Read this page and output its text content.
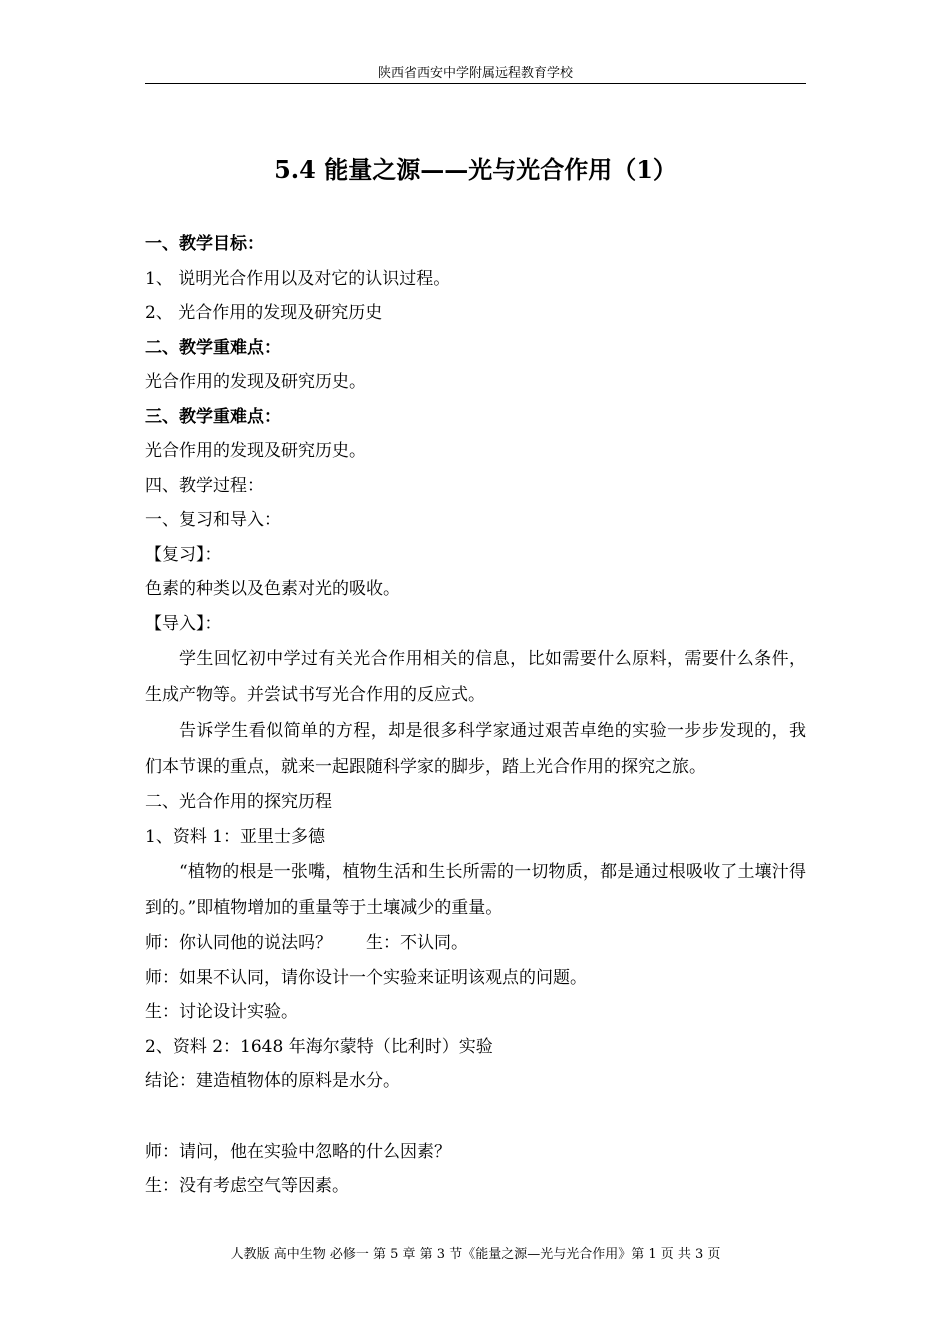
陕西省西安中学附属远程教育学校
5.4 能量之源——光与光合作用（1）
一、教学目标：
1、 说明光合作用以及对它的认识过程。
2、 光合作用的发现及研究历史
二、教学重难点：
光合作用的发现及研究历史。
三、教学重难点：
光合作用的发现及研究历史。
四、教学过程：
一、复习和导入：
【复习】：
色素的种类以及色素对光的吸收。
【导入】：
学生回忆初中学过有关光合作用相关的信息，比如需要什么原料，需要什么条件，生成产物等。并尝试书写光合作用的反应式。
告诉学生看似简单的方程，却是很多科学家通过艰苦卓绝的实验一步步发现的，我们本节课的重点，就来一起跟随科学家的脚步，踏上光合作用的探究之旅。
二、光合作用的探究历程
1、资料 1：亚里士多德
“植物的根是一张嘴，植物生活和生长所需的一切物质，都是通过根吸收了土壤汁得到的。”即植物增加的重量等于土壤减少的重量。
师：你认同他的说法吗？ 生：不认同。
师：如果不认同，请你设计一个实验来证明该观点的问题。
生：讨论设计实验。
2、资料 2：1648 年海尔蒙特（比利时）实验
结论：建造植物体的原料是水分。
师：请问，他在实验中忽略的什么因素？
生：没有考虑空气等因素。
人教版 高中生物 必修一 第 5 章 第 3 节《能量之源—光与光合作用》第 1 页 共 3 页
